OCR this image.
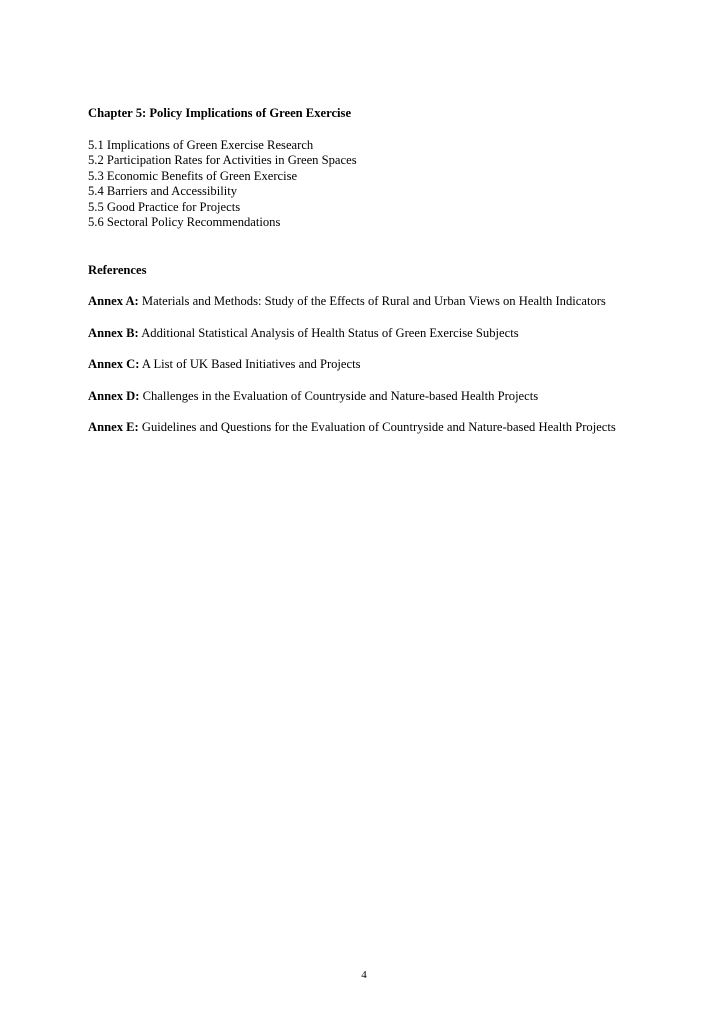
Chapter 5: Policy Implications of Green Exercise
5.1 Implications of Green Exercise Research
5.2 Participation Rates for Activities in Green Spaces
5.3 Economic Benefits of Green Exercise
5.4 Barriers and Accessibility
5.5 Good Practice for Projects
5.6 Sectoral Policy Recommendations
References
Annex A: Materials and Methods: Study of the Effects of Rural and Urban Views on Health Indicators
Annex B: Additional Statistical Analysis of Health Status of Green Exercise Subjects
Annex C: A List of UK Based Initiatives and Projects
Annex D: Challenges in the Evaluation of Countryside and Nature-based Health Projects
Annex E: Guidelines and Questions for the Evaluation of Countryside and Nature-based Health Projects
4
